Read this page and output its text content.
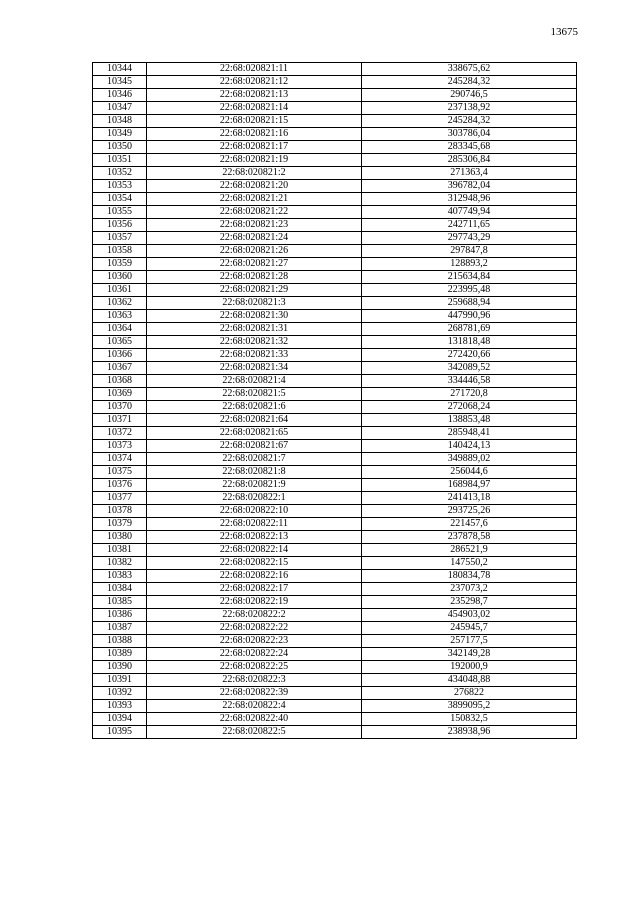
13675
10344	22:68:020821:11	338675,62
10345	22:68:020821:12	245284,32
10346	22:68:020821:13	290746,5
10347	22:68:020821:14	237138,92
10348	22:68:020821:15	245284,32
10349	22:68:020821:16	303786,04
10350	22:68:020821:17	283345,68
10351	22:68:020821:19	285306,84
10352	22:68:020821:2	271363,4
10353	22:68:020821:20	396782,04
10354	22:68:020821:21	312948,96
10355	22:68:020821:22	407749,94
10356	22:68:020821:23	242711,65
10357	22:68:020821:24	297743,29
10358	22:68:020821:26	297847,8
10359	22:68:020821:27	128893,2
10360	22:68:020821:28	215634,84
10361	22:68:020821:29	223995,48
10362	22:68:020821:3	259688,94
10363	22:68:020821:30	447990,96
10364	22:68:020821:31	268781,69
10365	22:68:020821:32	131818,48
10366	22:68:020821:33	272420,66
10367	22:68:020821:34	342089,52
10368	22:68:020821:4	334446,58
10369	22:68:020821:5	271720,8
10370	22:68:020821:6	272068,24
10371	22:68:020821:64	138853,48
10372	22:68:020821:65	285948,41
10373	22:68:020821:67	140424,13
10374	22:68:020821:7	349889,02
10375	22:68:020821:8	256044,6
10376	22:68:020821:9	168984,97
10377	22:68:020822:1	241413,18
10378	22:68:020822:10	293725,26
10379	22:68:020822:11	221457,6
10380	22:68:020822:13	237878,58
10381	22:68:020822:14	286521,9
10382	22:68:020822:15	147550,2
10383	22:68:020822:16	180834,78
10384	22:68:020822:17	237073,2
10385	22:68:020822:19	235298,7
10386	22:68:020822:2	454903,02
10387	22:68:020822:22	245945,7
10388	22:68:020822:23	257177,5
10389	22:68:020822:24	342149,28
10390	22:68:020822:25	192000,9
10391	22:68:020822:3	434048,88
10392	22:68:020822:39	276822
10393	22:68:020822:4	3899095,2
10394	22:68:020822:40	150832,5
10395	22:68:020822:5	238938,96
